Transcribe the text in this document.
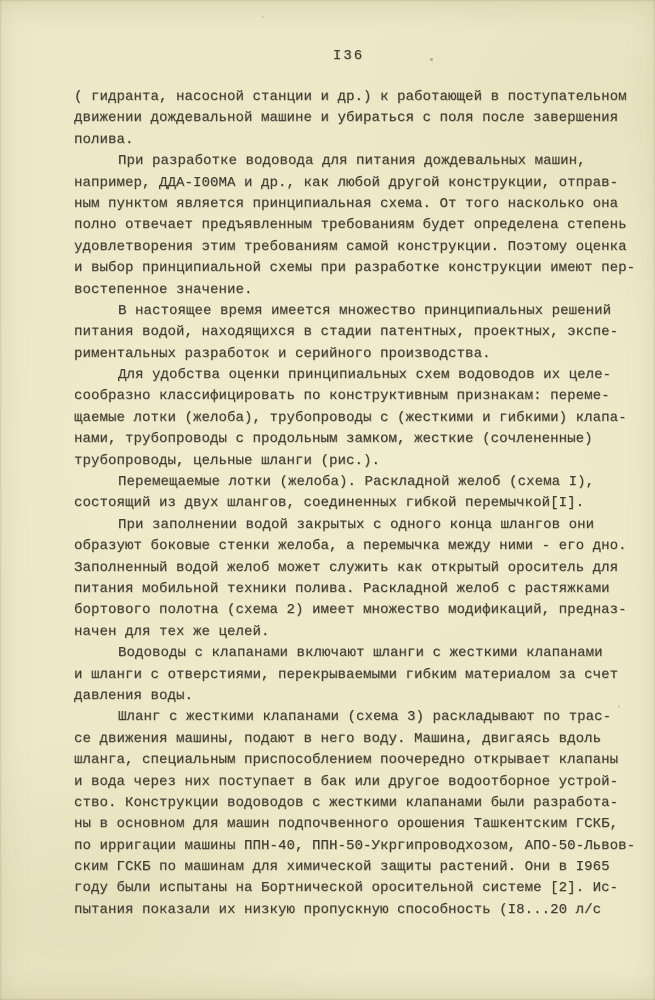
I36
( гидранта, насосной станции и др.) к работающей в поступательном
движении дождевальной машине и убираться с поля после завершения
полива.
При разработке водовода для питания дождевальных машин,
например, ДДА-I00МА и др., как любой другой конструкции, отправ-
ным пунктом является принципиальная схема. От того насколько она
полно отвечает предъявленным требованиям будет определена степень
удовлетворения этим требованиям самой конструкции. Поэтому оценка
и выбор принципиальной схемы при разработке конструкции имеют пер-
востепенное значение.
В настоящее время имеется множество принципиальных решений
питания водой, находящихся в стадии патентных, проектных, экспе-
риментальных разработок и серийного производства.
Для удобства оценки принципиальных схем водоводов их целе-
сообразно классифицировать по конструктивным признакам: переме-
щаемые лотки (желоба), трубопроводы с (жесткими и гибкими) клапа-
нами, трубопроводы с продольным замком, жесткие (сочлененные)
трубопроводы, цельные шланги (рис.).
Перемещаемые лотки (желоба). Раскладной желоб (схема I),
состоящий из двух шлангов, соединенных гибкой перемычкой[I].
При заполнении водой закрытых с одного конца шлангов они
образуют боковые стенки желоба, а перемычка между ними - его дно.
Заполненный водой желоб может служить как открытый ороситель для
питания мобильной техники полива. Раскладной желоб с растяжками
бортового полотна (схема 2) имеет множество модификаций, предназ-
начен для тех же целей.
Водоводы с клапанами включают шланги с жесткими клапанами
и шланги с отверстиями, перекрываемыми гибким материалом за счет
давления воды.
Шланг с жесткими клапанами (схема 3) раскладывают по трас-
се движения машины, подают в него воду. Машина, двигаясь вдоль
шланга, специальным приспособлением поочередно открывает клапаны
и вода через них поступает в бак или другое водоотборное устрой-
ство. Конструкции водоводов с жесткими клапанами были разработа-
ны в основном для машин подпочвенного орошения Ташкентским ГСКБ,
по ирригации машины ППН-40, ППН-50-Укргипроводхозом, АПО-50-Львов-
ским ГСКБ по машинам для химической защиты растений. Они в I965
году были испытаны на Бортнической оросительной системе [2]. Ис-
пытания показали их низкую пропускную способность (I8...20 л/с
